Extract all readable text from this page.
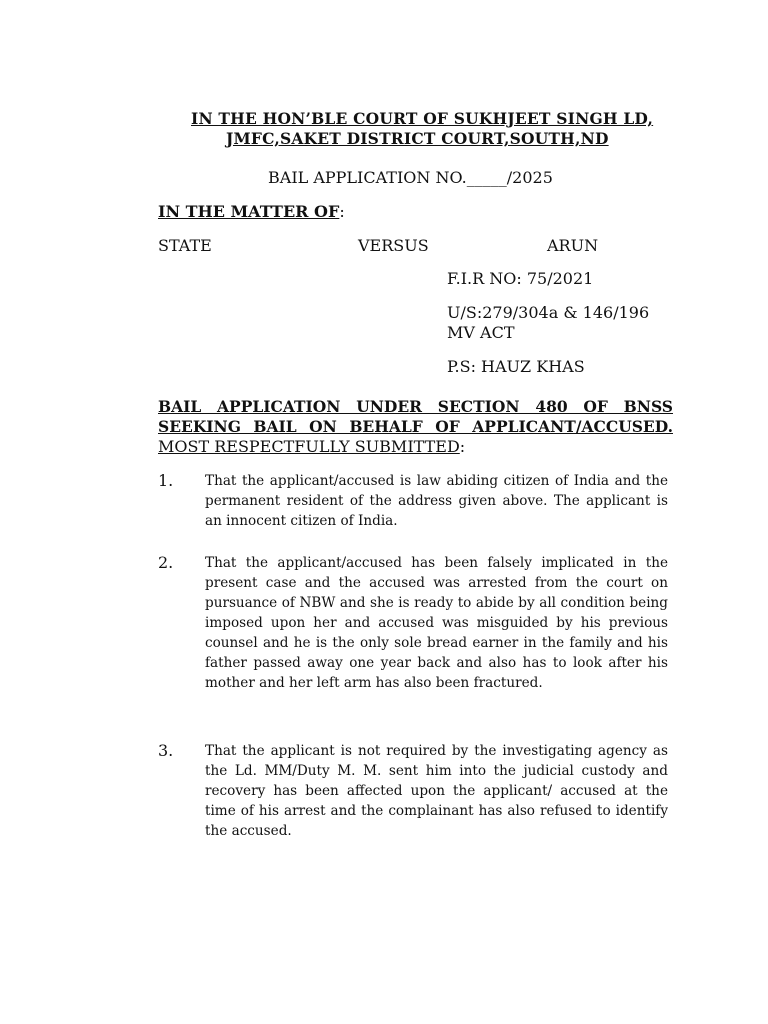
IN THE HON’BLE COURT OF SUKHJEET SINGH LD,
JMFC,SAKET DISTRICT COURT,SOUTH,ND
BAIL APPLICATION NO._____/2025
IN THE MATTER OF:
STATE	VERSUS	ARUN
F.I.R NO: 75/2021
U/S:279/304a & 146/196
MV ACT
P.S: HAUZ KHAS
BAIL APPLICATION UNDER SECTION 480 OF BNSS
SEEKING BAIL ON BEHALF OF APPLICANT/ACCUSED.
MOST RESPECTFULLY SUBMITTED:
1. That the applicant/accused is law abiding citizen of India and the permanent resident of the address given above. The applicant is an innocent citizen of India.
2. That the applicant/accused has been falsely implicated in the present case and the accused was arrested from the court on pursuance of NBW and she is ready to abide by all condition being imposed upon her and accused was misguided by his previous counsel and he is the only sole bread earner in the family and his father passed away one year back and also has to look after his mother and her left arm has also been fractured.
3. That the applicant is not required by the investigating agency as the Ld. MM/Duty M. M. sent him into the judicial custody and recovery has been affected upon the applicant/ accused at the time of his arrest and the complainant has also refused to identify the accused.
